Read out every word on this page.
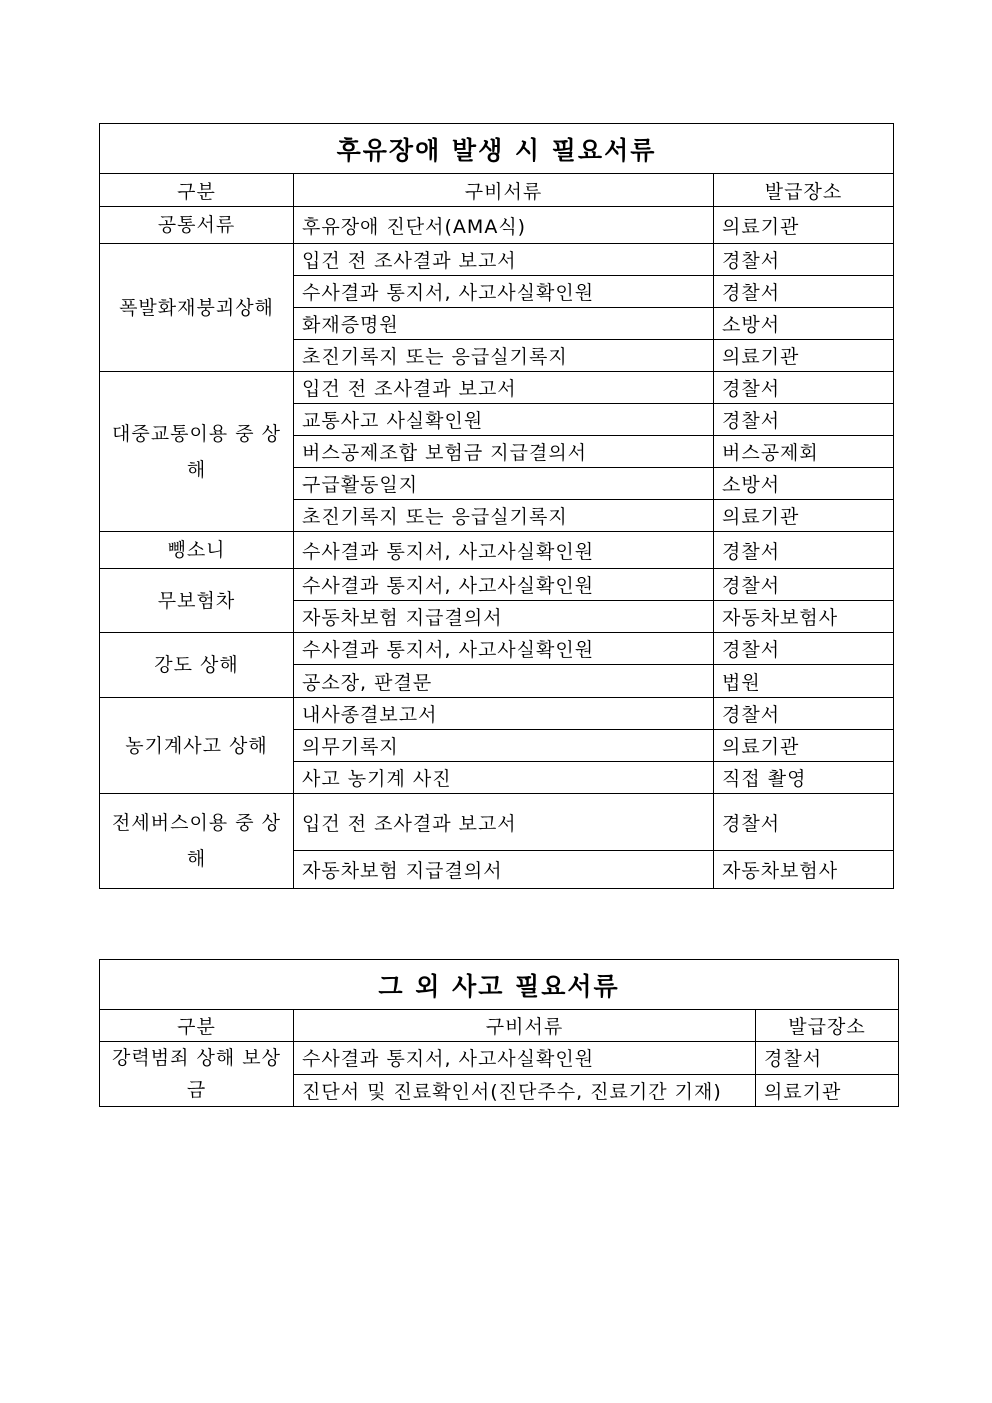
후유장애 발생 시 필요서류		
구분	구비서류	발급장소
공통서류	후유장애 진단서(AMA식)	의료기관
폭발화재붕괴상해	입건 전 조사결과 보고서	경찰서
	수사결과 통지서, 사고사실확인원	경찰서
	화재증명원	소방서
	초진기록지 또는 응급실기록지	의료기관
대중교통이용 중 상해	입건 전 조사결과 보고서	경찰서
	교통사고 사실확인원	경찰서
	버스공제조합 보험금 지급결의서	버스공제회
	구급활동일지	소방서
	초진기록지 또는 응급실기록지	의료기관
뺑소니	수사결과 통지서, 사고사실확인원	경찰서
무보험차	수사결과 통지서, 사고사실확인원	경찰서
	자동차보험 지급결의서	자동차보험사
강도 상해	수사결과 통지서, 사고사실확인원	경찰서
	공소장, 판결문	법원
농기계사고 상해	내사종결보고서	경찰서
	의무기록지	의료기관
	사고 농기계 사진	직접 촬영
전세버스이용 중 상해	입건 전 조사결과 보고서	경찰서
	자동차보험 지급결의서	자동차보험사
그 외 사고 필요서류		
구분	구비서류	발급장소
강력범죄 상해 보상금	수사결과 통지서, 사고사실확인원	경찰서
	진단서 및 진료확인서(진단주수, 진료기간 기재)	의료기관
